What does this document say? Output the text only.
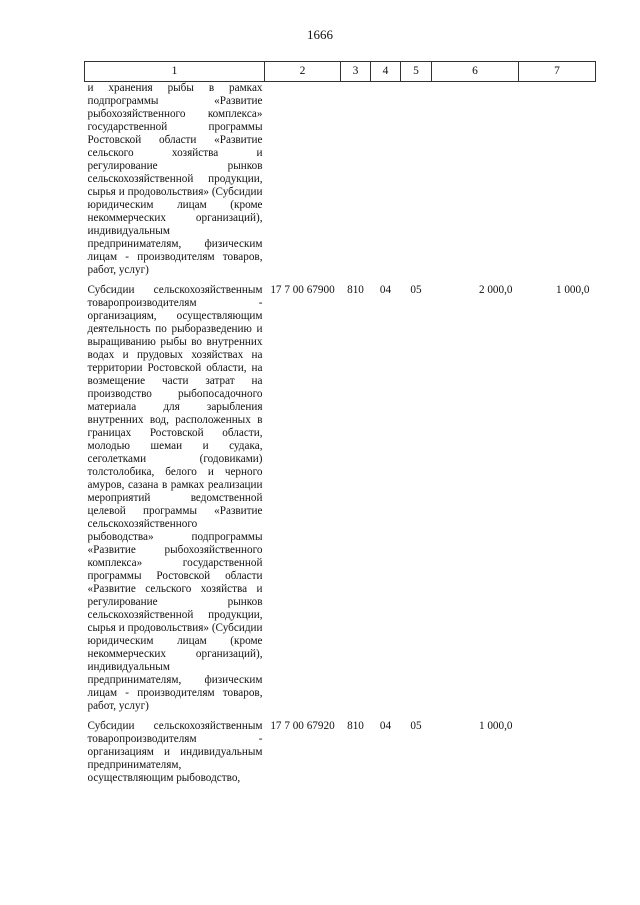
1666
1	2	3	4	5	6	7
и хранения рыбы в рамках подпрограммы «Развитие рыбохозяйственного комплекса» государственной программы Ростовской области «Развитие сельского хозяйства и регулирование рынков сельскохозяйственной продукции, сырья и продовольствия» (Субсидии юридическим лицам (кроме некоммерческих организаций), индивидуальным предпринимателям, физическим лицам - производителям товаров, работ, услуг)						
Субсидии сельскохозяйственным товаропроизводителям - организациям, осуществляющим деятельность по рыборазведению и выращиванию рыбы во внутренних водах и прудовых хозяйствах на территории Ростовской области, на возмещение части затрат на производство рыбопосадочного материала для зарыбления внутренних вод, расположенных в границах Ростовской области, молодью шемаи и судака, сеголетками (годовиками) толстолобика, белого и черного амуров, сазана в рамках реализации мероприятий ведомственной целевой программы «Развитие сельскохозяйственного рыбоводства» подпрограммы «Развитие рыбохозяйственного комплекса» государственной программы Ростовской области «Развитие сельского хозяйства и регулирование рынков сельскохозяйственной продукции, сырья и продовольствия» (Субсидии юридическим лицам (кроме некоммерческих организаций), индивидуальным предпринимателям, физическим лицам - производителям товаров, работ, услуг)	17 7 00 67900	810	04	05	2 000,0	1 000,0
Субсидии сельскохозяйственным товаропроизводителям - организациям и индивидуальным предпринимателям, осуществляющим рыбоводство,	17 7 00 67920	810	04	05	1 000,0	
